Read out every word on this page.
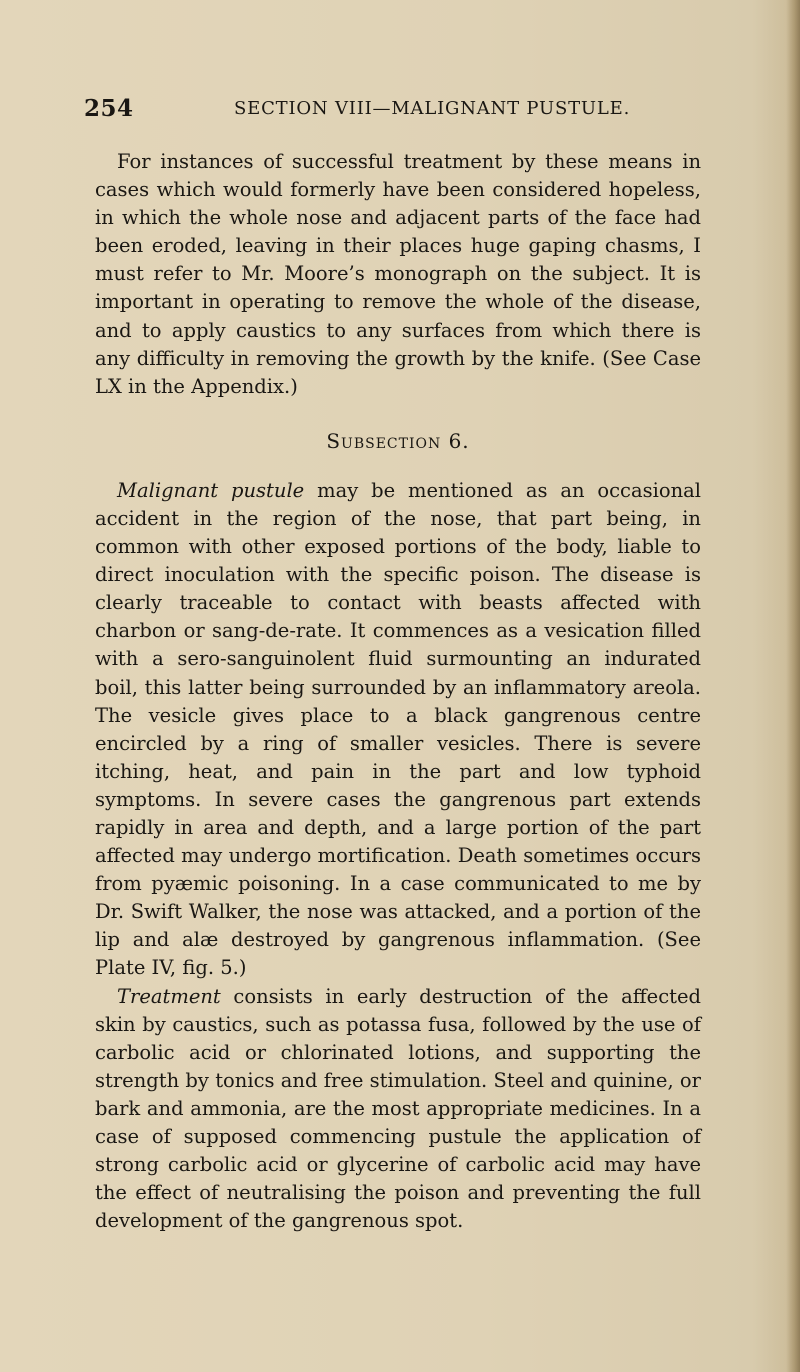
254	SECTION VIII—MALIGNANT PUSTULE.

For instances of successful treatment by these means in cases which would formerly have been considered hopeless, in which the whole nose and adjacent parts of the face had been eroded, leaving in their places huge gaping chasms, I must refer to Mr. Moore’s monograph on the subject. It is important in operating to remove the whole of the disease, and to apply caustics to any surfaces from which there is any difficulty in removing the growth by the knife. (See Case LX in the Appendix.)

Subsection 6.

Malignant pustule may be mentioned as an occasional accident in the region of the nose, that part being, in common with other exposed portions of the body, liable to direct inoculation with the specific poison. The disease is clearly traceable to contact with beasts affected with charbon or sang-de-rate. It commences as a vesication filled with a sero-sanguinolent fluid surmounting an indurated boil, this latter being surrounded by an inflammatory areola. The vesicle gives place to a black gangrenous centre encircled by a ring of smaller vesicles. There is severe itching, heat, and pain in the part and low typhoid symptoms. In severe cases the gangrenous part extends rapidly in area and depth, and a large portion of the part affected may undergo mortification. Death sometimes occurs from pyæmic poisoning. In a case communicated to me by Dr. Swift Walker, the nose was attacked, and a portion of the lip and alæ destroyed by gangrenous inflammation. (See Plate IV, fig. 5.)

Treatment consists in early destruction of the affected skin by caustics, such as potassa fusa, followed by the use of carbolic acid or chlorinated lotions, and supporting the strength by tonics and free stimulation. Steel and quinine, or bark and ammonia, are the most appropriate medicines. In a case of supposed commencing pustule the application of strong carbolic acid or glycerine of carbolic acid may have the effect of neutralising the poison and preventing the full development of the gangrenous spot.
